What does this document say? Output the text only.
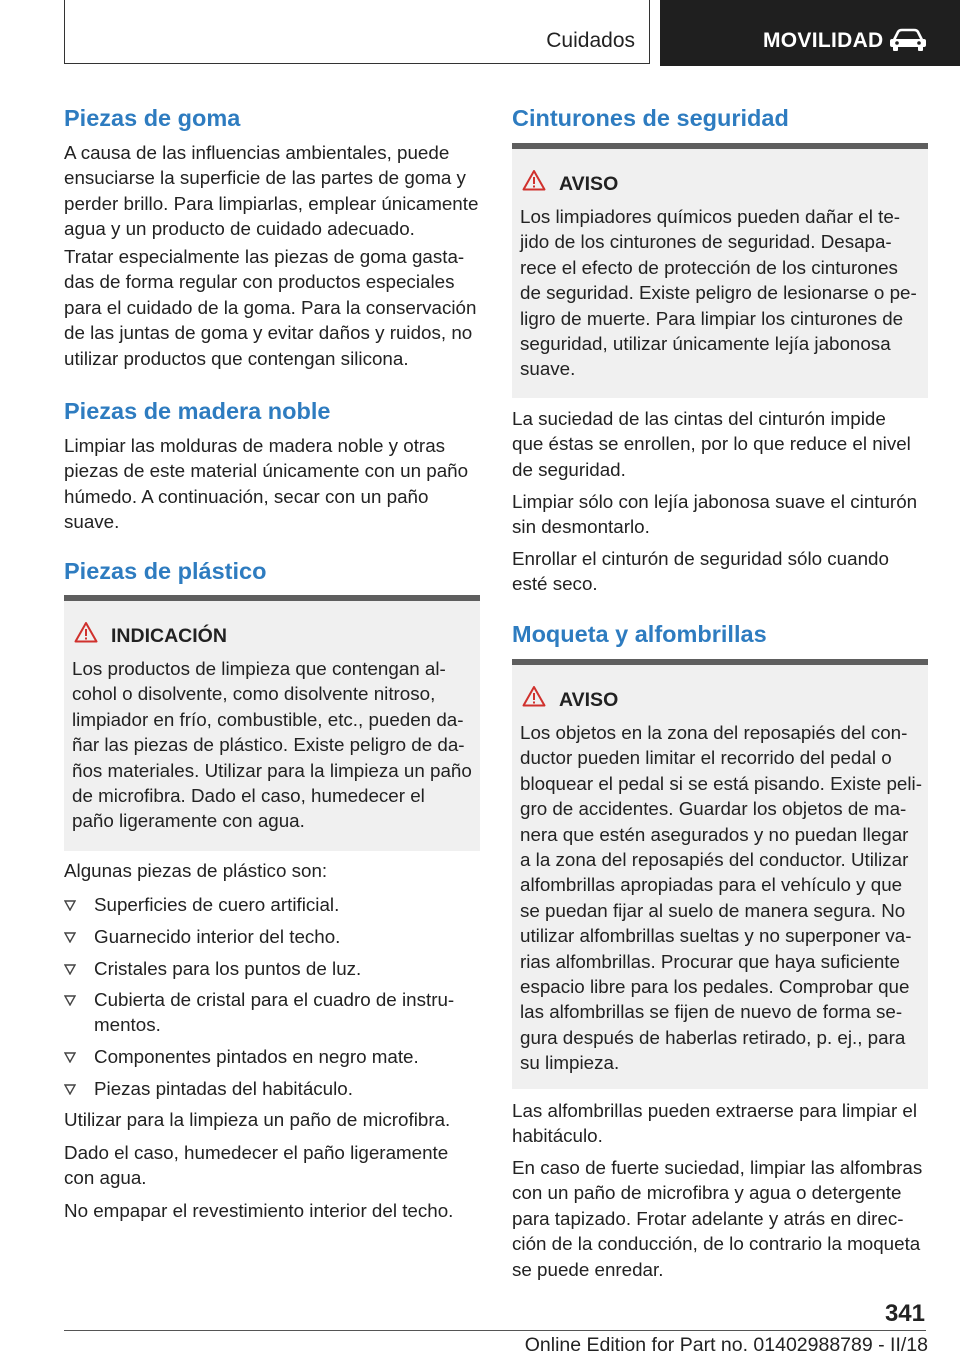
Cuidados	MOVILIDAD
Piezas de goma
A causa de las influencias ambientales, puede
ensuciarse la superficie de las partes de goma y
perder brillo. Para limpiarlas, emplear únicamente
agua y un producto de cuidado adecuado.
Tratar especialmente las piezas de goma gasta-
das de forma regular con productos especiales
para el cuidado de la goma. Para la conservación
de las juntas de goma y evitar daños y ruidos, no
utilizar productos que contengan silicona.
Piezas de madera noble
Limpiar las molduras de madera noble y otras
piezas de este material únicamente con un paño
húmedo. A continuación, secar con un paño
suave.
Piezas de plástico
INDICACIÓN
Los productos de limpieza que contengan al-
cohol o disolvente, como disolvente nitroso,
limpiador en frío, combustible, etc., pueden da-
ñar las piezas de plástico. Existe peligro de da-
ños materiales. Utilizar para la limpieza un paño
de microfibra. Dado el caso, humedecer el
paño ligeramente con agua.
Algunas piezas de plástico son:
Superficies de cuero artificial.
Guarnecido interior del techo.
Cristales para los puntos de luz.
Cubierta de cristal para el cuadro de instru-
mentos.
Componentes pintados en negro mate.
Piezas pintadas del habitáculo.
Utilizar para la limpieza un paño de microfibra.
Dado el caso, humedecer el paño ligeramente
con agua.
No empapar el revestimiento interior del techo.
Cinturones de seguridad
AVISO
Los limpiadores químicos pueden dañar el te-
jido de los cinturones de seguridad. Desapa-
rece el efecto de protección de los cinturones
de seguridad. Existe peligro de lesionarse o pe-
ligro de muerte. Para limpiar los cinturones de
seguridad, utilizar únicamente lejía jabonosa
suave.
La suciedad de las cintas del cinturón impide
que éstas se enrollen, por lo que reduce el nivel
de seguridad.
Limpiar sólo con lejía jabonosa suave el cinturón
sin desmontarlo.
Enrollar el cinturón de seguridad sólo cuando
esté seco.
Moqueta y alfombrillas
AVISO
Los objetos en la zona del reposapiés del con-
ductor pueden limitar el recorrido del pedal o
bloquear el pedal si se está pisando. Existe peli-
gro de accidentes. Guardar los objetos de ma-
nera que estén asegurados y no puedan llegar
a la zona del reposapiés del conductor. Utilizar
alfombrillas apropiadas para el vehículo y que
se puedan fijar al suelo de manera segura. No
utilizar alfombrillas sueltas y no superponer va-
rias alfombrillas. Procurar que haya suficiente
espacio libre para los pedales. Comprobar que
las alfombrillas se fijen de nuevo de forma se-
gura después de haberlas retirado, p. ej., para
su limpieza.
Las alfombrillas pueden extraerse para limpiar el
habitáculo.
En caso de fuerte suciedad, limpiar las alfombras
con un paño de microfibra y agua o detergente
para tapizado. Frotar adelante y atrás en direc-
ción de la conducción, de lo contrario la moqueta
se puede enredar.
341
Online Edition for Part no. 01402988789 - II/18
